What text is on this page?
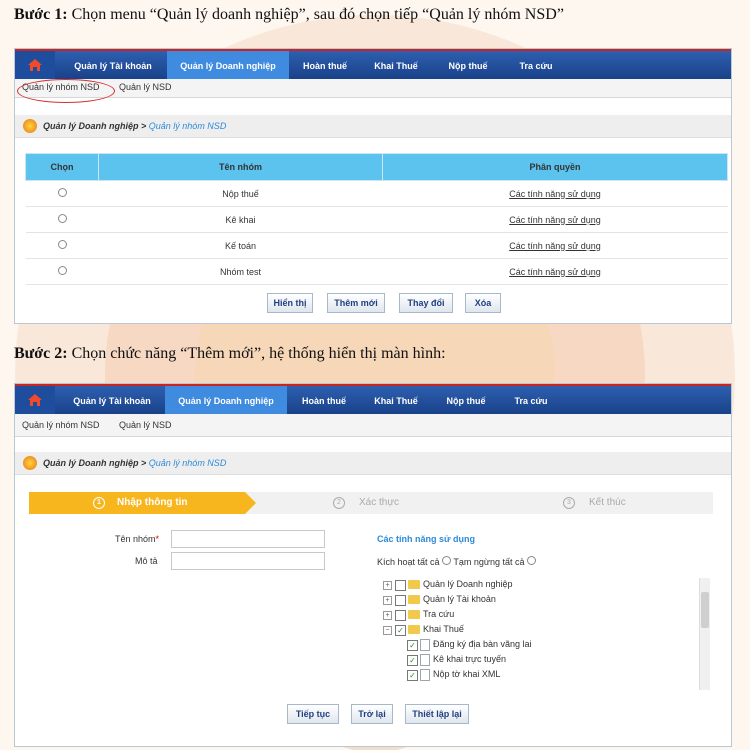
Bước 1: Chọn menu “Quản lý doanh nghiệp”, sau đó chọn tiếp “Quản lý nhóm NSD”
Quản lý Tài khoản	Quản lý Doanh nghiệp	Hoàn thuế	Khai Thuế	Nộp thuế	Tra cứu
Quản lý nhóm NSD Quản lý NSD
Quản lý Doanh nghiệp > Quản lý nhóm NSD
Chọn	Tên nhóm	Phân quyền
	Nộp thuế	Các tính năng sử dụng
	Kê khai	Các tính năng sử dụng
	Kế toán	Các tính năng sử dụng
	Nhóm test	Các tính năng sử dụng
Hiển thị	Thêm mới	Thay đổi	Xóa
Bước 2: Chọn chức năng “Thêm mới”, hệ thống hiển thị màn hình:
Quản lý Tài khoản	Quản lý Doanh nghiệp	Hoàn thuế	Khai Thuế	Nộp thuế	Tra cứu
Quản lý nhóm NSD Quản lý NSD
Quản lý Doanh nghiệp > Quản lý nhóm NSD
1	Nhập thông tin	2	Xác thực	3	Kết thúc
Tên nhóm*
Mô tả
Các tính năng sử dụng
Kích hoạt tất cả Tạm ngừng tất cả
+	Quản lý Doanh nghiệp
+	Quản lý Tài khoản
+	Tra cứu
− ✓ Khai Thuế
✓ Đăng ký địa bàn vãng lai
✓ Kê khai trực tuyến
✓ Nộp tờ khai XML
Tiếp tục	Trở lại	Thiết lập lại
